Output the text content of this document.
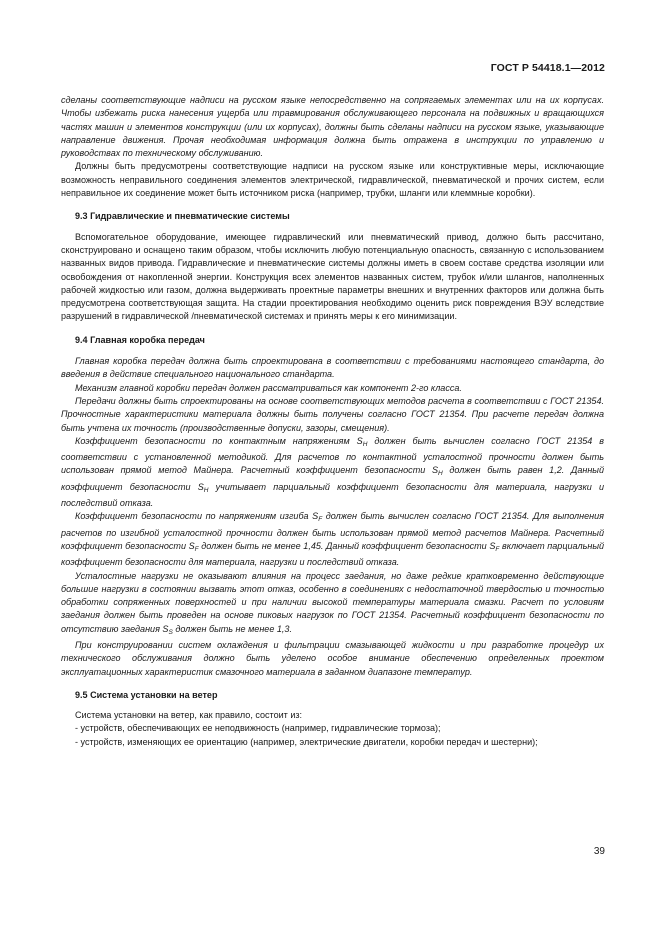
ГОСТ Р 54418.1—2012

сделаны соответствующие надписи на русском языке непосредственно на сопрягаемых элементах или на их корпусах. Чтобы избежать риска нанесения ущерба или травмирования обслуживающего персонала на подвижных и вращающихся частях машин и элементов конструкции (или их корпусах), должны быть сделаны надписи на русском языке, указывающие направление движения. Прочая необходимая информация должна быть отражена в инструкции по управлению и руководствах по техническому обслуживанию.

Должны быть предусмотрены соответствующие надписи на русском языке или конструктивные меры, исключающие возможность неправильного соединения элементов электрической, гидравлической, пневматической и прочих систем, если неправильное их соединение может быть источником риска (например, трубки, шланги или клеммные коробки).

9.3 Гидравлические и пневматические системы

Вспомогательное оборудование, имеющее гидравлический или пневматический привод, должно быть рассчитано, сконструировано и оснащено таким образом, чтобы исключить любую потенциальную опасность, связанную с использованием названных видов привода. Гидравлические и пневматические системы должны иметь в своем составе средства изоляции или освобождения от накопленной энергии. Конструкция всех элементов названных систем, трубок и/или шлангов, наполненных рабочей жидкостью или газом, должна выдерживать проектные параметры внешних и внутренних факторов или должна быть предусмотрена соответствующая защита. На стадии проектирования необходимо оценить риск повреждения ВЭУ вследствие разрушений в гидравлической /пневматической системах и принять меры к его минимизации.

9.4 Главная коробка передач

Главная коробка передач должна быть спроектирована в соответствии с требованиями настоящего стандарта, до введения в действие специального национального стандарта.

Механизм главной коробки передач должен рассматриваться как компонент 2-го класса.

Передачи должны быть спроектированы на основе соответствующих методов расчета в соответствии с ГОСТ 21354. Прочностные характеристики материала должны быть получены согласно ГОСТ 21354. При расчете передач должна быть учтена их точность (производственные допуски, зазоры, смещения).

Коэффициент безопасности по контактным напряжениям $S_H$ должен быть вычислен согласно ГОСТ 21354 в соответствии с установленной методикой. Для расчетов по контактной усталостной прочности должен быть использован прямой метод Майнера. Расчетный коэффициент безопасности $S_H$ должен быть равен 1,2. Данный коэффициент безопасности $S_H$ учитывает парциальный коэффициент безопасности для материала, нагрузки и последствий отказа.

Коэффициент безопасности по напряжениям изгиба $S_F$ должен быть вычислен согласно ГОСТ 21354. Для выполнения расчетов по изгибной усталостной прочности должен быть использован прямой метод расчетов Майнера. Расчетный коэффициент безопасности $S_F$ должен быть не менее 1,45. Данный коэффициент безопасности $S_F$ включает парциальный коэффициент безопасности для материала, нагрузки и последствий отказа.

Усталостные нагрузки не оказывают влияния на процесс заедания, но даже редкие кратковременно действующие большие нагрузки в состоянии вызвать этот отказ, особенно в соединениях с недостаточной твердостью и точностью обработки сопряженных поверхностей и при наличии высокой температуры материала смазки. Расчет по условиям заедания должен быть проведен на основе пиковых нагрузок по ГОСТ 21354. Расчетный коэффициент безопасности по отсутствию заедания $S_S$ должен быть не менее 1,3.

При конструировании систем охлаждения и фильтрации смазывающей жидкости и при разработке процедур их технического обслуживания должно быть уделено особое внимание обеспечению определенных проектом эксплуатационных характеристик смазочного материала в заданном диапазоне температур.

9.5 Система установки на ветер

Система установки на ветер, как правило, состоит из:

- устройств, обеспечивающих ее неподвижность (например, гидравлические тормоза);

- устройств, изменяющих ее ориентацию (например, электрические двигатели, коробки передач и шестерни);

39
